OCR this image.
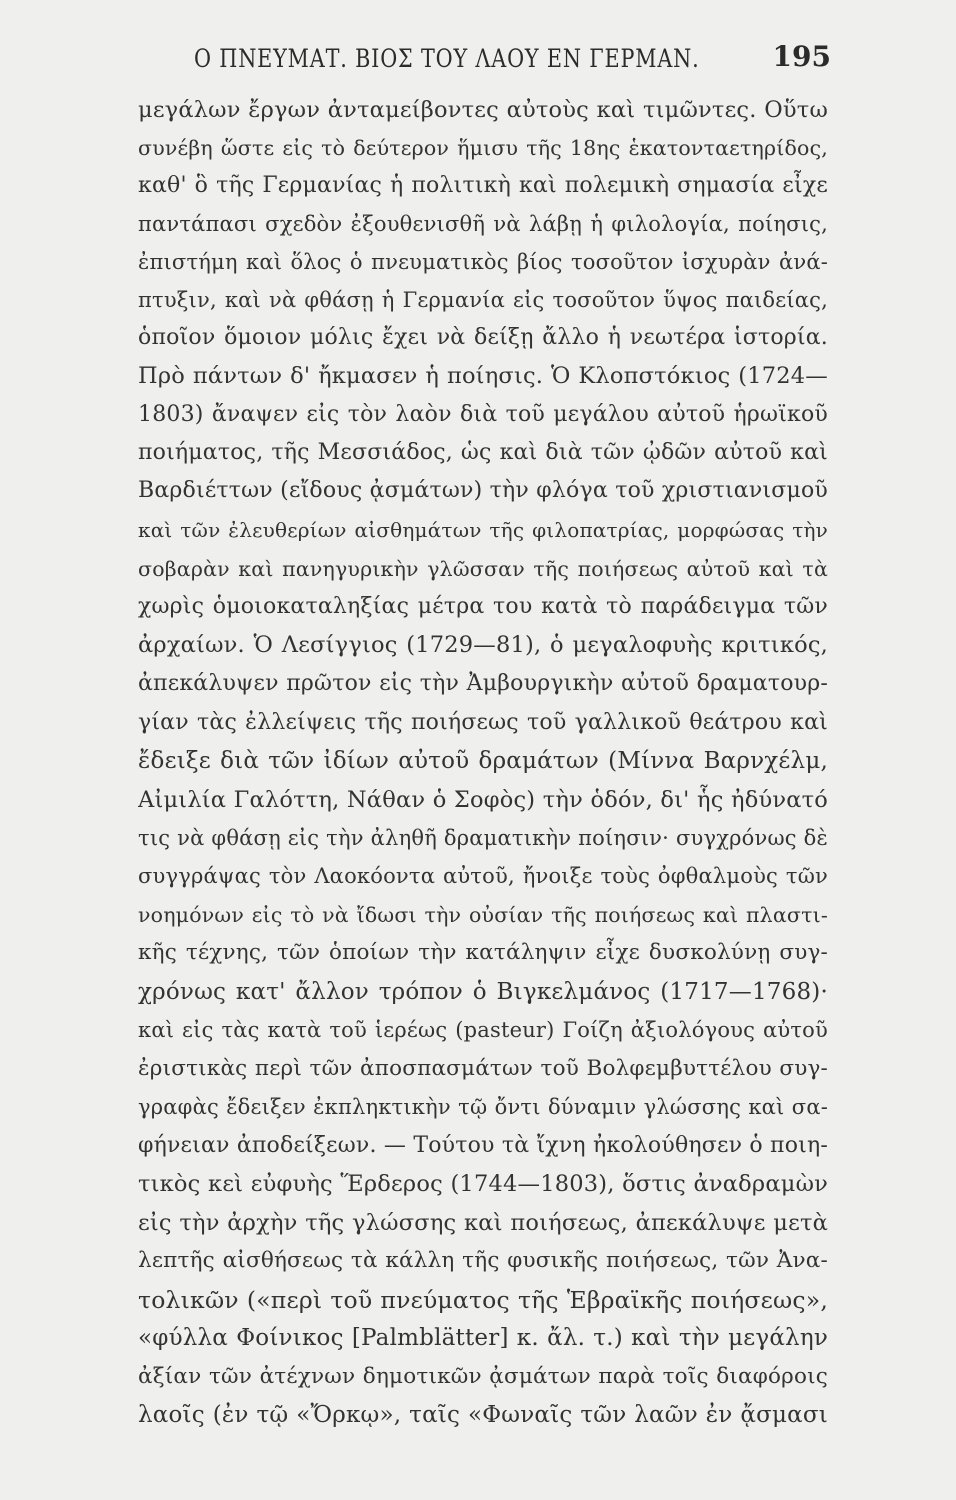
Ο ΠΝΕΥΜΑΤ. ΒΙΟΣ ΤΟΥ ΛΑΟΥ ΕΝ ΓΕΡΜΑΝ.	195
μεγάλων ἔργων ἀνταμείβοντες αὐτοὺς καὶ τιμῶντες. Οὕτω
συνέβη ὥστε εἰς τὸ δεύτερον ἥμισυ τῆς 18ης ἑκατονταετηρίδος,
καθ' ὃ τῆς Γερμανίας ἡ πολιτικὴ καὶ πολεμικὴ σημασία εἶχε
παντάπασι σχεδὸν ἐξουθενισθῆ νὰ λάβῃ ἡ φιλολογία, ποίησις,
ἐπιστήμη καὶ ὅλος ὁ πνευματικὸς βίος τοσοῦτον ἰσχυρὰν ἀνά-
πτυξιν, καὶ νὰ φθάσῃ ἡ Γερμανία εἰς τοσοῦτον ὕψος παιδείας,
ὁποῖον ὅμοιον μόλις ἔχει νὰ δείξῃ ἄλλο ἡ νεωτέρα ἱστορία.
Πρὸ πάντων δ' ἤκμασεν ἡ ποίησις. Ὁ Κλοπστόκιος (1724—
1803) ἄναψεν εἰς τὸν λαὸν διὰ τοῦ μεγάλου αὐτοῦ ἡρωϊκοῦ
ποιήματος, τῆς Μεσσιάδος, ὡς καὶ διὰ τῶν ᾠδῶν αὐτοῦ καὶ
Βαρδιέττων (εἴδους ᾀσμάτων) τὴν φλόγα τοῦ χριστιανισμοῦ
καὶ τῶν ἐλευθερίων αἰσθημάτων τῆς φιλοπατρίας, μορφώσας τὴν
σοβαρὰν καὶ πανηγυρικὴν γλῶσσαν τῆς ποιήσεως αὐτοῦ καὶ τὰ
χωρὶς ὁμοιοκαταληξίας μέτρα του κατὰ τὸ παράδειγμα τῶν
ἀρχαίων. Ὁ Λεσίγγιος (1729—81), ὁ μεγαλοφυὴς κριτικός,
ἀπεκάλυψεν πρῶτον εἰς τὴν Ἀμβουργικὴν αὐτοῦ δραματουρ-
γίαν τὰς ἐλλείψεις τῆς ποιήσεως τοῦ γαλλικοῦ θεάτρου καὶ
ἔδειξε διὰ τῶν ἰδίων αὐτοῦ δραμάτων (Μίννα Βαρνχέλμ,
Αἰμιλία Γαλόττη, Νάθαν ὁ Σοφὸς) τὴν ὁδόν, δι' ἧς ἠδύνατό
τις νὰ φθάσῃ εἰς τὴν ἀληθῆ δραματικὴν ποίησιν· συγχρόνως δὲ
συγγράψας τὸν Λαοκόοντα αὐτοῦ, ἤνοιξε τοὺς ὀφθαλμοὺς τῶν
νοημόνων εἰς τὸ νὰ ἴδωσι τὴν οὐσίαν τῆς ποιήσεως καὶ πλαστι-
κῆς τέχνης, τῶν ὁποίων τὴν κατάληψιν εἶχε δυσκολύνῃ συγ-
χρόνως κατ' ἄλλον τρόπον ὁ Βιγκελμάνος (1717—1768)·
καὶ εἰς τὰς κατὰ τοῦ ἱερέως (pasteur) Γοίζη ἀξιολόγους αὐτοῦ
ἐριστικὰς περὶ τῶν ἀποσπασμάτων τοῦ Βολφεμβυττέλου συγ-
γραφὰς ἔδειξεν ἐκπληκτικὴν τῷ ὄντι δύναμιν γλώσσης καὶ σα-
φήνειαν ἀποδείξεων. — Τούτου τὰ ἴχνη ἠκολούθησεν ὁ ποιη-
τικὸς κεὶ εὐφυὴς Ἕρδερος (1744—1803), ὅστις ἀναδραμὼν
εἰς τὴν ἀρχὴν τῆς γλώσσης καὶ ποιήσεως, ἀπεκάλυψε μετὰ
λεπτῆς αἰσθήσεως τὰ κάλλη τῆς φυσικῆς ποιήσεως, τῶν Ἀνα-
τολικῶν («περὶ τοῦ πνεύματος τῆς Ἑβραϊκῆς ποιήσεως»,
«φύλλα Φοίνικος [Palmblätter] κ. ἄλ. τ.) καὶ τὴν μεγάλην
ἀξίαν τῶν ἀτέχνων δημοτικῶν ᾀσμάτων παρὰ τοῖς διαφόροις
λαοῖς (ἐν τῷ «Ὄρκῳ», ταῖς «Φωναῖς τῶν λαῶν ἐν ᾄσμασι
